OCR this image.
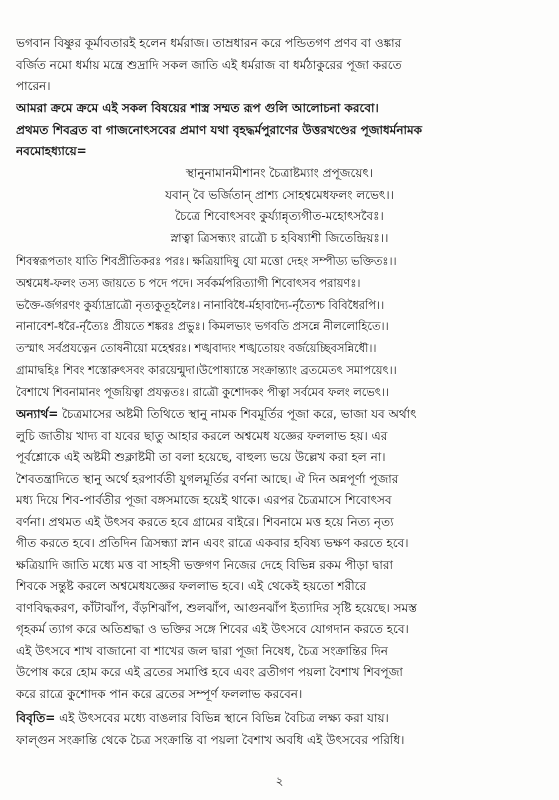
ভগবান বিষ্ণুর কূর্মাবতারই হলেন ধর্মরাজ। তাম্রধারন করে পন্ডিতগণ প্রণব বা ওঙ্কার
বর্জিত নমো ধর্মায় মন্ত্রে শুদ্রাদি সকল জাতি এই ধর্মরাজ বা ধর্মঠাকুরের পূজা করতে
পারেন।
আমরা ক্রমে ক্রমে এই সকল বিষয়ের শাস্ত্র সম্মত রূপ গুলি আলোচনা করবো।
প্রথমত শিবব্রত বা গাজনোৎসবের প্রমাণ যথা বৃহদ্ধর্মপুরাণের উত্তরখণ্ডের পূজাধর্মনামক
নবমোহধ্যায়ে=
স্থানুনামানমীশানং চৈত্রাষ্টম্যাং প্রপূজয়েৎ।
যবান্ বৈ ভর্জিতান্ প্রাশ্য সোহশ্বমেধফলং লভেৎ।।
চৈত্রে শিবোৎসবং কুর্য্যান্নৃত্যগীত-মহোৎসবৈঃ।
স্নাত্বা ত্রিসন্ধ্যং রাত্রৌ চ হবিষ্যাশী জিতেন্দ্রিয়ঃ।।
শিবস্বরূপতাং যাতি শিবপ্রীতিকরঃ পরঃ। ক্ষত্রিয়াদিষু যো মত্তো দেহং সম্পীড্য ভক্তিতঃ।।
অশ্বমেধ-ফলং তস্য জায়তে চ পদে পদে। সর্বকর্মপরিত্যাগী শিবোৎসব পরায়ণঃ।
ভক্তৈ-র্জগরণং কুর্য্যাদ্রাত্রৌ নৃত্যকুতূহলৈঃ। নানাবিধৈ-র্মহাবাদ্যৈ-র্নৃত্যৈশ্চ বিবিধৈরপি।।
নানাবেশ-ধরৈ-র্নৃত্যৈঃ প্রীয়তে শঙ্করঃ প্রভুঃ। কিমলভ্যং ভগবতি প্রসন্নে নীললোহিতে।।
তস্মাৎ সর্বপ্রযত্নেন তোষনীয়ো মহেশ্বরঃ। শঙ্খবাদ্যং শঙ্খতোয়ং বর্জয়েচ্ছিবসন্নিধৌ।।
গ্রামাদ্বহিঃ শিবং শস্তোরুৎসবং কারয়েন্মুদা।উপোষ্যান্তে সংক্রান্ত্যাং ব্রতমেতৎ সমাপয়েৎ।।
বৈশাখে শিবনামানং পূজয়িত্বা প্রযত্নতঃ। রাত্রৌ কুশোদকং পীত্বা সর্বমেব ফলং লভেৎ।।
অন্যার্থ= চৈত্রমাসের অষ্টমী তিথিতে স্থানু নামক শিবমূর্তির পূজা করে, ভাজা যব অর্থাৎ
লুচি জাতীয় খাদ্য বা যবের ছাতু আহার করলে অশ্বমেধ যজ্ঞের ফললাভ হয়। এর
পূর্বশ্লোকে এই অষ্টমী শুক্লাষ্টমী তা বলা হয়েছে, বাহুল্য ভয়ে উল্লেখ করা হল না।
শৈবতন্ত্রাদিতে স্থানু অর্থে হরপার্বতী যুগলমূর্তির বর্ণনা আছে। ঐ দিন অন্নপূর্ণা পূজার
মধ্য দিয়ে শিব-পার্বতীর পূজা বঙ্গসমাজে হয়েই থাকে। এরপর চৈত্রমাসে শিবোৎসব
বর্ণনা। প্রথমত এই উৎসব করতে হবে গ্রামের বাইরে। শিবনামে মত্ত হয়ে নিত্য নৃত্য
গীত করতে হবে। প্রতিদিন ত্রিসন্ধ্যা স্নান এবং রাত্রে একবার হবিষ্য ভক্ষণ করতে হবে।
ক্ষত্রিয়াদি জাতি মধ্যে মত্ত বা সাহসী ভক্তগণ নিজের দেহে বিভিন্ন রকম পীড়া দ্বারা
শিবকে সন্তুষ্ট করলে অশ্বমেধযজ্ঞের ফললাভ হবে। এই থেকেই হয়তো শরীরে
বাণবিদ্ধকরণ, কাঁটাঝাঁপ, বঁড়শিঝাঁপ, শুলঝাঁপ, আগুনঝাঁপ ইত্যাদির সৃষ্টি হয়েছে। সমস্ত
গৃহকর্ম ত্যাগ করে অতিশ্রদ্ধা ও ভক্তির সঙ্গে শিবের এই উৎসবে যোগদান করতে হবে।
এই উৎসবে শাখ বাজানো বা শাখের জল দ্বারা পূজা নিষেধ, চৈত্র সংক্রান্তির দিন
উপোষ করে হোম করে এই ব্রতের সমাপ্তি হবে এবং ব্রতীগণ পয়লা বৈশাখ শিবপূজা
করে রাত্রে কুশোদক পান করে ব্রতের সম্পূর্ণ ফললাভ করবেন।
বিবৃতি= এই উৎসবের মধ্যে বাঙলার বিভিন্ন স্থানে বিভিন্ন বৈচিত্র লক্ষ্য করা যায়।
ফাল্গুন সংক্রান্তি থেকে চৈত্র সংক্রান্তি বা পয়লা বৈশাখ অবধি এই উৎসবের পরিধি।
২
